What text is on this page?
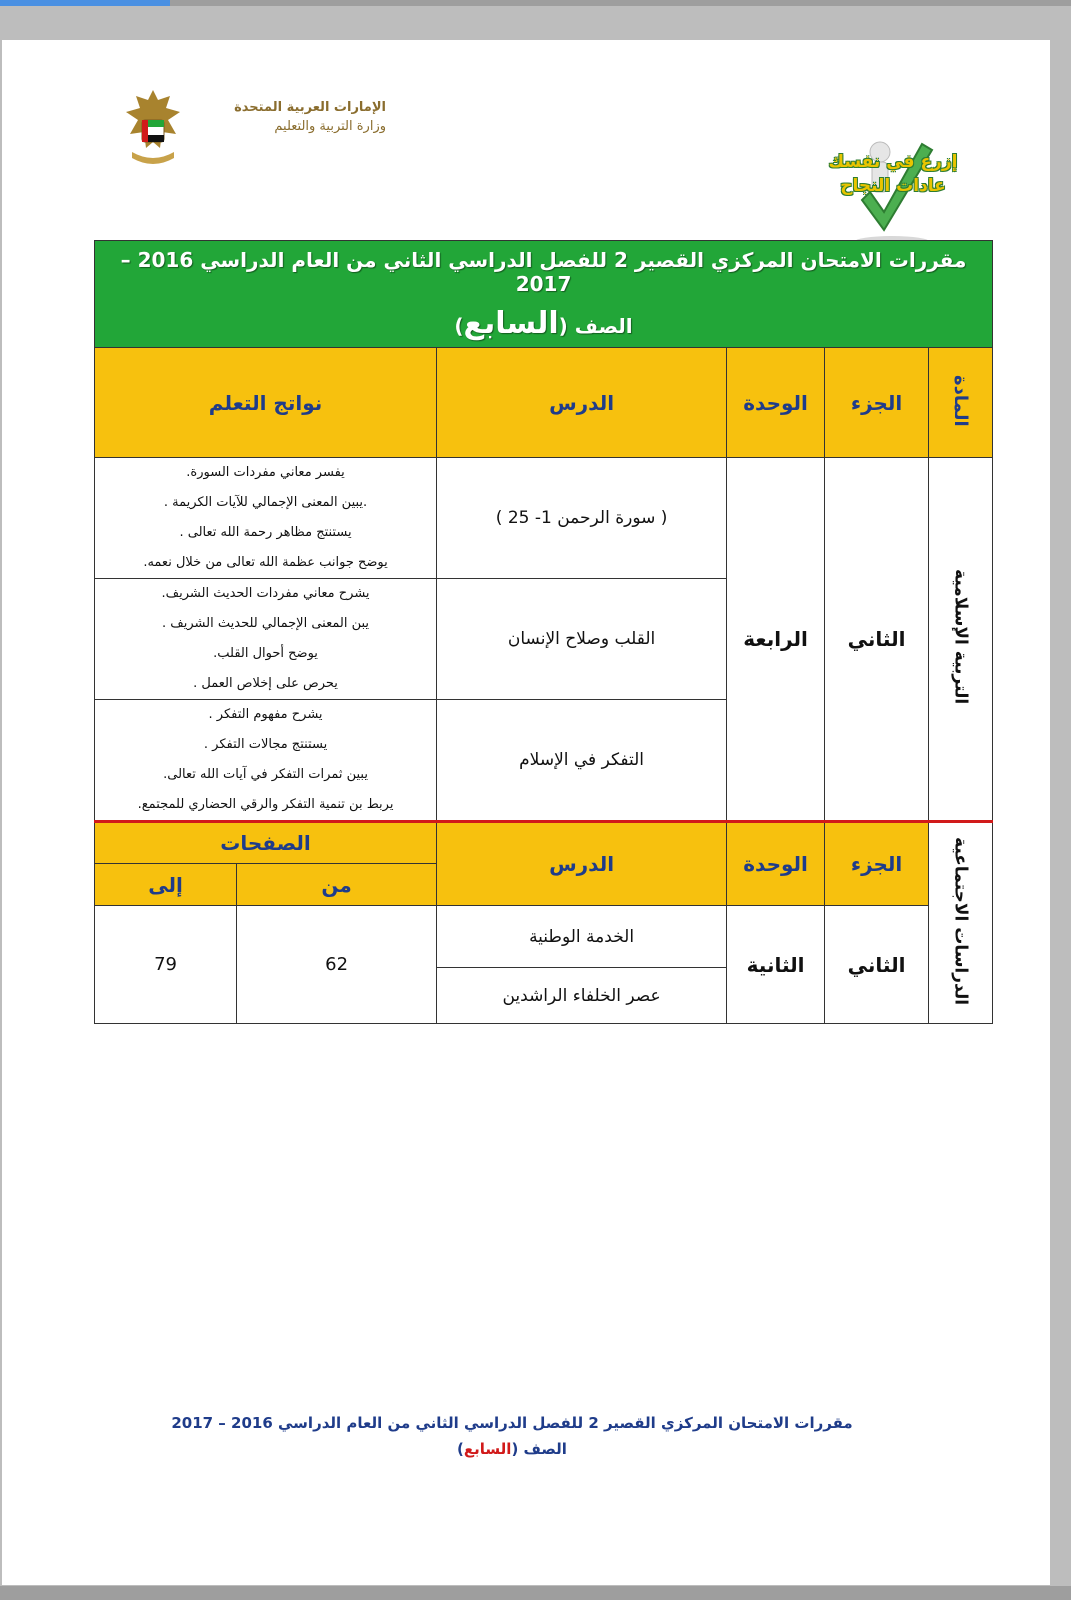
الإمارات العربية المتحدة
وزارة التربية والتعليم
إزرع في نفسك
عادات النجاح
مقررات الامتحان المركزي القصير 2 للفصل الدراسي الثاني من العام الدراسي 2016 – 2017
الصف (السابع)					

المادة	الجزء	الوحدة	الدرس	نواتج التعلم	
التربية الإسلامية	الثاني	الرابعة	( سورة الرحمن 1- 25 )	يفسر معاني مفردات السورة.
.يبين المعنى الإجمالي للآيات الكريمة .
يستنتج مظاهر رحمة الله تعالى .
يوضح جوانب عظمة الله تعالى من خلال نعمه.	

			القلب وصلاح الإنسان	يشرح معاني مفردات الحديث الشريف.
يبن المعنى الإجمالي للحديث الشريف .
يوضح أحوال القلب.
يحرص على إخلاص العمل .	

			التفكر في الإسلام	يشرح مفهوم التفكر .
يستنتج مجالات التفكر .
يبين ثمرات التفكر في آيات الله تعالى.
يربط بن تنمية التفكر والرقي الحضاري للمجتمع.	

الدراسات الاجتماعية	الجزء	الوحدة	الدرس	الصفحات	
				من	إلى
	الثاني	الثانية	الخدمة الوطنية	62	79
			عصر الخلفاء الراشدين		
مقررات الامتحان المركزي القصير 2 للفصل الدراسي الثاني من العام الدراسي 2016 – 2017
الصف (السابع)
